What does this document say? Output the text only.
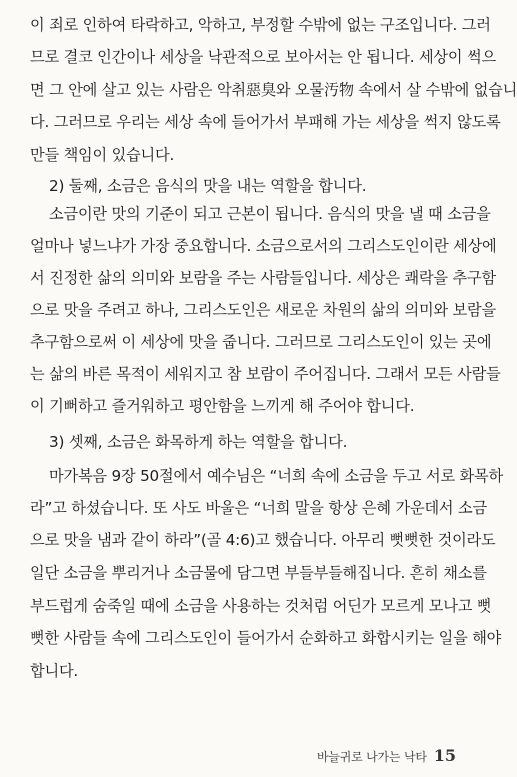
이 죄로 인하여 타락하고, 악하고, 부정할 수밖에 없는 구조입니다. 그러
므로 결코 인간이나 세상을 낙관적으로 보아서는 안 됩니다. 세상이 썩으
면 그 안에 살고 있는 사람은 악취惡臭와 오물汚物 속에서 살 수밖에 없습니
다. 그러므로 우리는 세상 속에 들어가서 부패해 가는 세상을 썩지 않도록
만들 책임이 있습니다.
2) 둘째, 소금은 음식의 맛을 내는 역할을 합니다.
소금이란 맛의 기준이 되고 근본이 됩니다. 음식의 맛을 낼 때 소금을
얼마나 넣느냐가 가장 중요합니다. 소금으로서의 그리스도인이란 세상에
서 진정한 삶의 의미와 보람을 주는 사람들입니다. 세상은 쾌락을 추구함
으로 맛을 주려고 하나, 그리스도인은 새로운 차원의 삶의 의미와 보람을
추구함으로써 이 세상에 맛을 줍니다. 그러므로 그리스도인이 있는 곳에
는 삶의 바른 목적이 세워지고 참 보람이 주어집니다. 그래서 모든 사람들
이 기뻐하고 즐거워하고 평안함을 느끼게 해 주어야 합니다.
3) 셋째, 소금은 화목하게 하는 역할을 합니다.
마가복음 9장 50절에서 예수님은 “너희 속에 소금을 두고 서로 화목하
라”고 하셨습니다. 또 사도 바울은 “너희 말을 항상 은혜 가운데서 소금
으로 맛을 냄과 같이 하라”(골 4:6)고 했습니다. 아무리 뻣뻣한 것이라도
일단 소금을 뿌리거나 소금물에 담그면 부들부들해집니다. 흔히 채소를
부드럽게 숨죽일 때에 소금을 사용하는 것처럼 어딘가 모르게 모나고 뻣
뻣한 사람들 속에 그리스도인이 들어가서 순화하고 화합시키는 일을 해야
합니다.
바늘귀로 나가는 낙타 15
